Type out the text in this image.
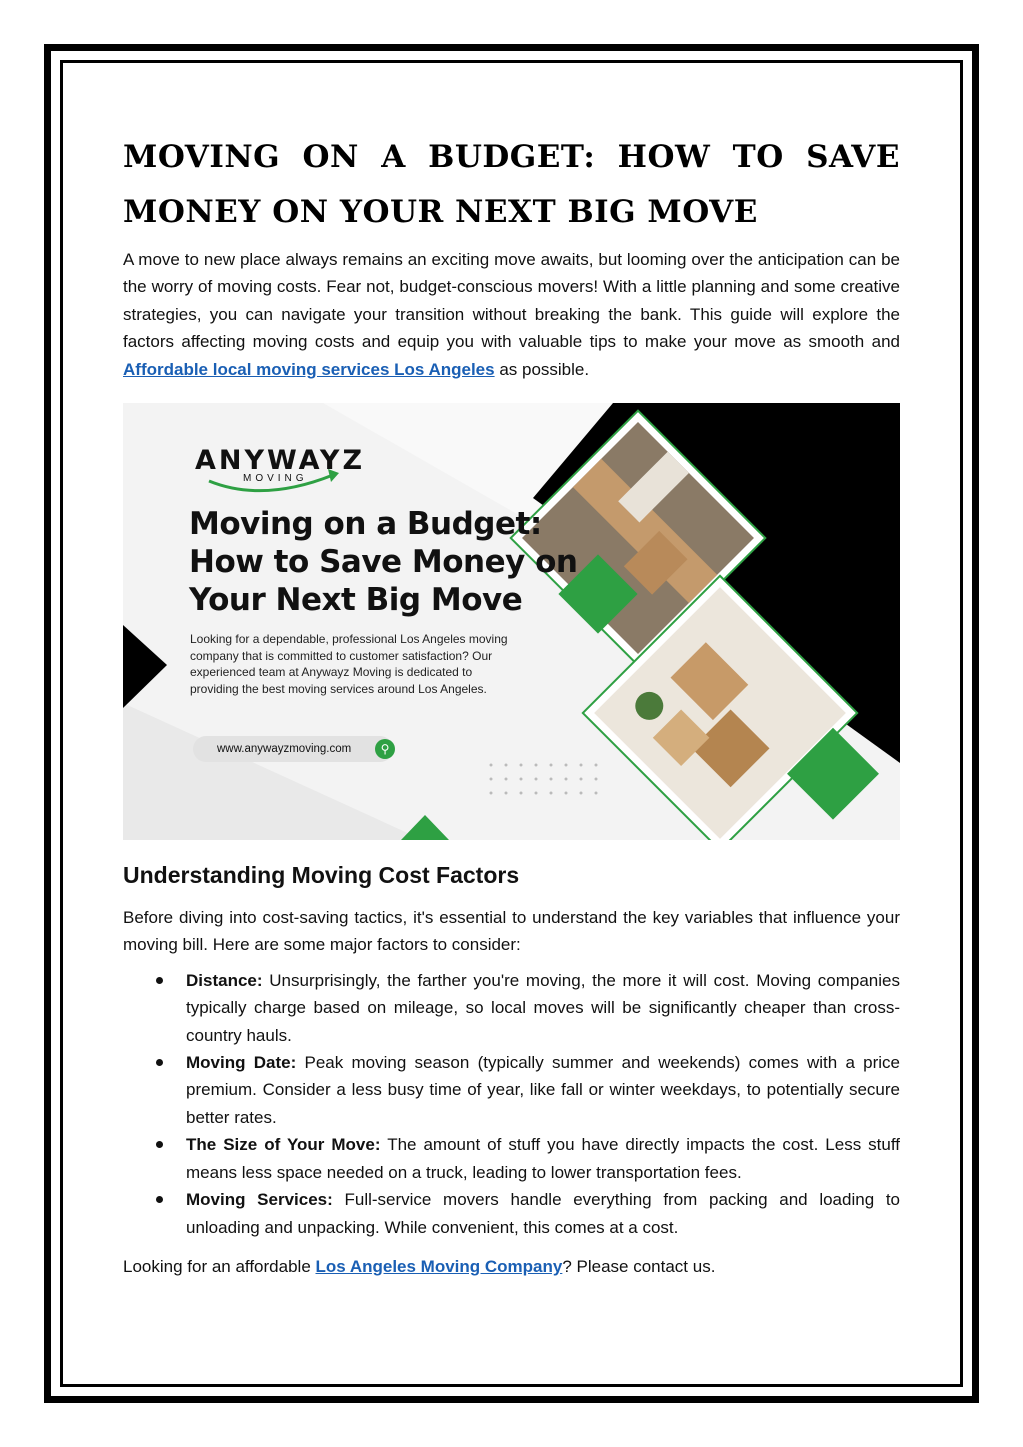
MOVING ON A BUDGET: HOW TO SAVE MONEY ON YOUR NEXT BIG MOVE

A move to new place always remains an exciting move awaits, but looming over the anticipation can be the worry of moving costs. Fear not, budget-conscious movers! With a little planning and some creative strategies, you can navigate your transition without breaking the bank. This guide will explore the factors affecting moving costs and equip you with valuable tips to make your move as smooth and Affordable local moving services Los Angeles as possible.

ANYWAYZ
MOVING
Moving on a Budget: How to Save Money on Your Next Big Move
Looking for a dependable, professional Los Angeles moving company that is committed to customer satisfaction? Our experienced team at Anywayz Moving is dedicated to providing the best moving services around Los Angeles.
www.anywayzmoving.com	⚲
Understanding Moving Cost Factors

Before diving into cost-saving tactics, it's essential to understand the key variables that influence your moving bill. Here are some major factors to consider:

Distance: Unsurprisingly, the farther you're moving, the more it will cost. Moving companies typically charge based on mileage, so local moves will be significantly cheaper than cross-country hauls.
Moving Date: Peak moving season (typically summer and weekends) comes with a price premium. Consider a less busy time of year, like fall or winter weekdays, to potentially secure better rates.
The Size of Your Move: The amount of stuff you have directly impacts the cost. Less stuff means less space needed on a truck, leading to lower transportation fees.
Moving Services: Full-service movers handle everything from packing and loading to unloading and unpacking. While convenient, this comes at a cost.

Looking for an affordable Los Angeles Moving Company? Please contact us.
